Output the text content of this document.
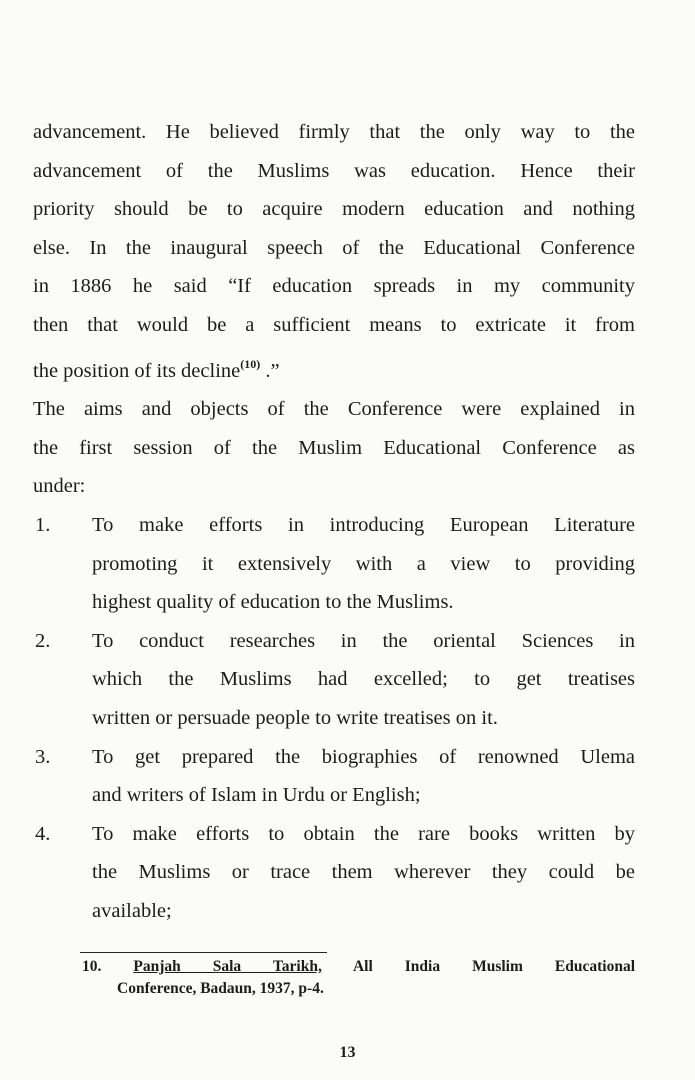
advancement. He believed firmly that the only way to the
advancement of the Muslims was education. Hence their
priority should be to acquire modern education and nothing
else. In the inaugural speech of the Educational Conference
in 1886 he said “If education spreads in my community
then that would be a sufficient means to extricate it from
the position of its decline$^{(10)}$ .”
The aims and objects of the Conference were explained in
the first session of the Muslim Educational Conference as
under:
1. To make efforts in introducing European Literature
promoting it extensively with a view to providing
highest quality of education to the Muslims.
2. To conduct researches in the oriental Sciences in
which the Muslims had excelled; to get treatises
written or persuade people to write treatises on it.
3. To get prepared the biographies of renowned Ulema
and writers of Islam in Urdu or English;
4. To make efforts to obtain the rare books written by
the Muslims or trace them wherever they could be
available;
10. Panjah Sala Tarikh, All India Muslim Educational
Conference, Badaun, 1937, p-4.
13
